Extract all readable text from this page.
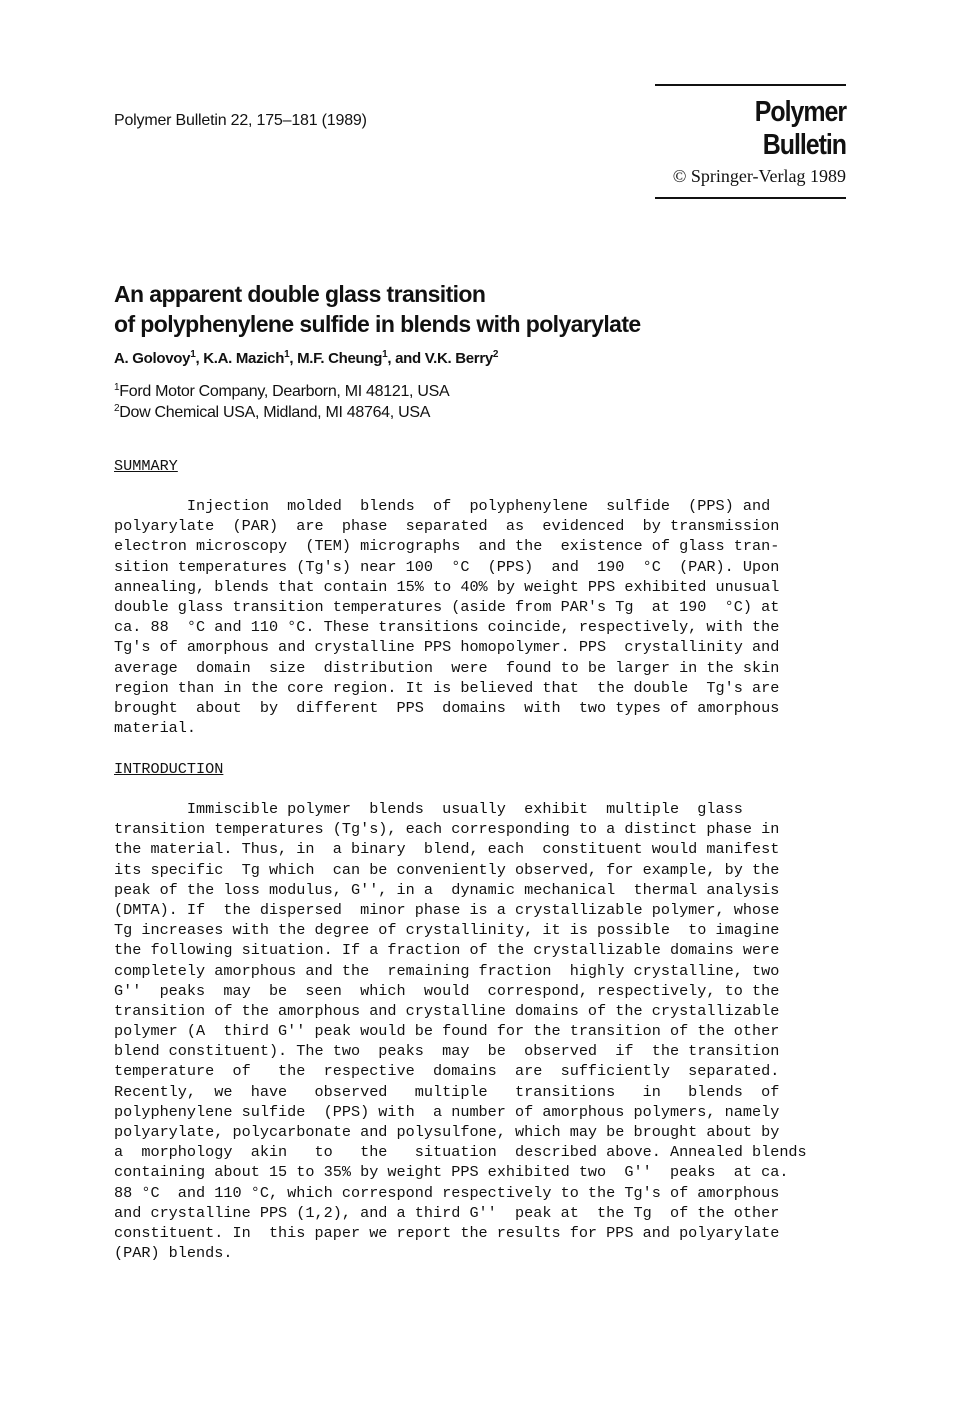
Polymer Bulletin 22, 175–181 (1989)	Polymer Bulletin
© Springer-Verlag 1989
An apparent double glass transition
of polyphenylene sulfide in blends with polyarylate
A. Golovoy$^1$, K.A. Mazich$^1$, M.F. Cheung$^1$, and V.K. Berry$^2$
$^1$Ford Motor Company, Dearborn, MI 48121, USA
$^2$Dow Chemical USA, Midland, MI 48764, USA
SUMMARY
Injection  molded  blends  of  polyphenylene  sulfide  (PPS) and
polyarylate  (PAR)  are  phase  separated  as  evidenced  by transmission
electron microscopy  (TEM) micrographs  and the  existence of glass tran-
sition temperatures (Tg's) near 100  °C  (PPS)  and  190  °C  (PAR). Upon
annealing, blends that contain 15% to 40% by weight PPS exhibited unusual
double glass transition temperatures (aside from PAR's Tg  at 190  °C) at
ca. 88  °C and 110 °C. These transitions coincide, respectively, with the
Tg's of amorphous and crystalline PPS homopolymer. PPS  crystallinity and
average  domain  size  distribution  were  found to be larger in the skin
region than in the core region. It is believed that  the double  Tg's are
brought  about  by  different  PPS  domains  with  two types of amorphous
material.
INTRODUCTION
Immiscible polymer  blends  usually  exhibit  multiple  glass
transition temperatures (Tg's), each corresponding to a distinct phase in
the material. Thus, in  a binary  blend, each  constituent would manifest
its specific  Tg which  can be conveniently observed, for example, by the
peak of the loss modulus, G'', in a  dynamic mechanical  thermal analysis
(DMTA). If  the dispersed  minor phase is a crystallizable polymer, whose
Tg increases with the degree of crystallinity, it is possible  to imagine
the following situation. If a fraction of the crystallizable domains were
completely amorphous and the  remaining fraction  highly crystalline, two
G''  peaks  may  be  seen  which  would  correspond, respectively, to the
transition of the amorphous and crystalline domains of the crystallizable
polymer (A  third G'' peak would be found for the transition of the other
blend constituent). The two  peaks  may  be  observed  if  the transition
temperature  of   the  respective  domains  are  sufficiently  separated.
Recently,  we  have   observed   multiple   transitions   in   blends  of
polyphenylene sulfide  (PPS) with  a number of amorphous polymers, namely
polyarylate, polycarbonate and polysulfone, which may be brought about by
a  morphology  akin   to   the   situation  described above. Annealed blends
containing about 15 to 35% by weight PPS exhibited two  G''  peaks  at ca.
88 °C  and 110 °C, which correspond respectively to the Tg's of amorphous
and crystalline PPS (1,2), and a third G''  peak at  the Tg  of the other
constituent. In  this paper we report the results for PPS and polyarylate
(PAR) blends.
